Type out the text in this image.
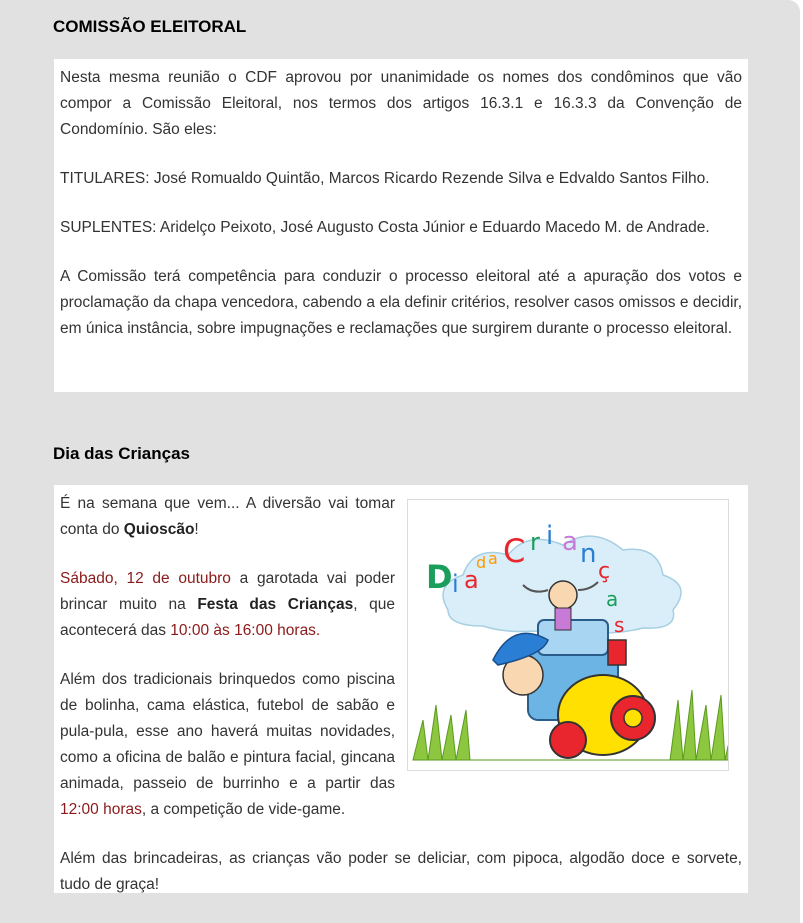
COMISSÃO ELEITORAL

Nesta mesma reunião o CDF aprovou por unanimidade os nomes dos condôminos que vão compor a Comissão Eleitoral, nos termos dos artigos 16.3.1 e 16.3.3 da Convenção de Condomínio. São eles:

TITULARES: José Romualdo Quintão, Marcos Ricardo Rezende Silva e Edvaldo Santos Filho.

SUPLENTES: Aridelço Peixoto, José Augusto Costa Júnior e Eduardo Macedo M. de Andrade.

A Comissão terá competência para conduzir o processo eleitoral até a apuração dos votos e proclamação da chapa vencedora, cabendo a ela definir critérios, resolver casos omissos e decidir, em única instância, sobre impugnações e reclamações que surgirem durante o processo eleitoral.

Dia das Crianças
D i a
d a C r i a n
ç
a
s

É na semana que vem... A diversão vai tomar conta do Quioscão!

Sábado, 12 de outubro a garotada vai poder brincar muito na Festa das Crianças, que acontecerá das 10:00 às 16:00 horas.

Além dos tradicionais brinquedos como piscina de bolinha, cama elástica, futebol de sabão e pula-pula, esse ano haverá muitas novidades, como a oficina de balão e pintura facial, gincana animada, passeio de burrinho e a partir das 12:00 horas, a competição de vide-game.

Além das brincadeiras, as crianças vão poder se deliciar, com pipoca, algodão doce e sorvete, tudo de graça!
